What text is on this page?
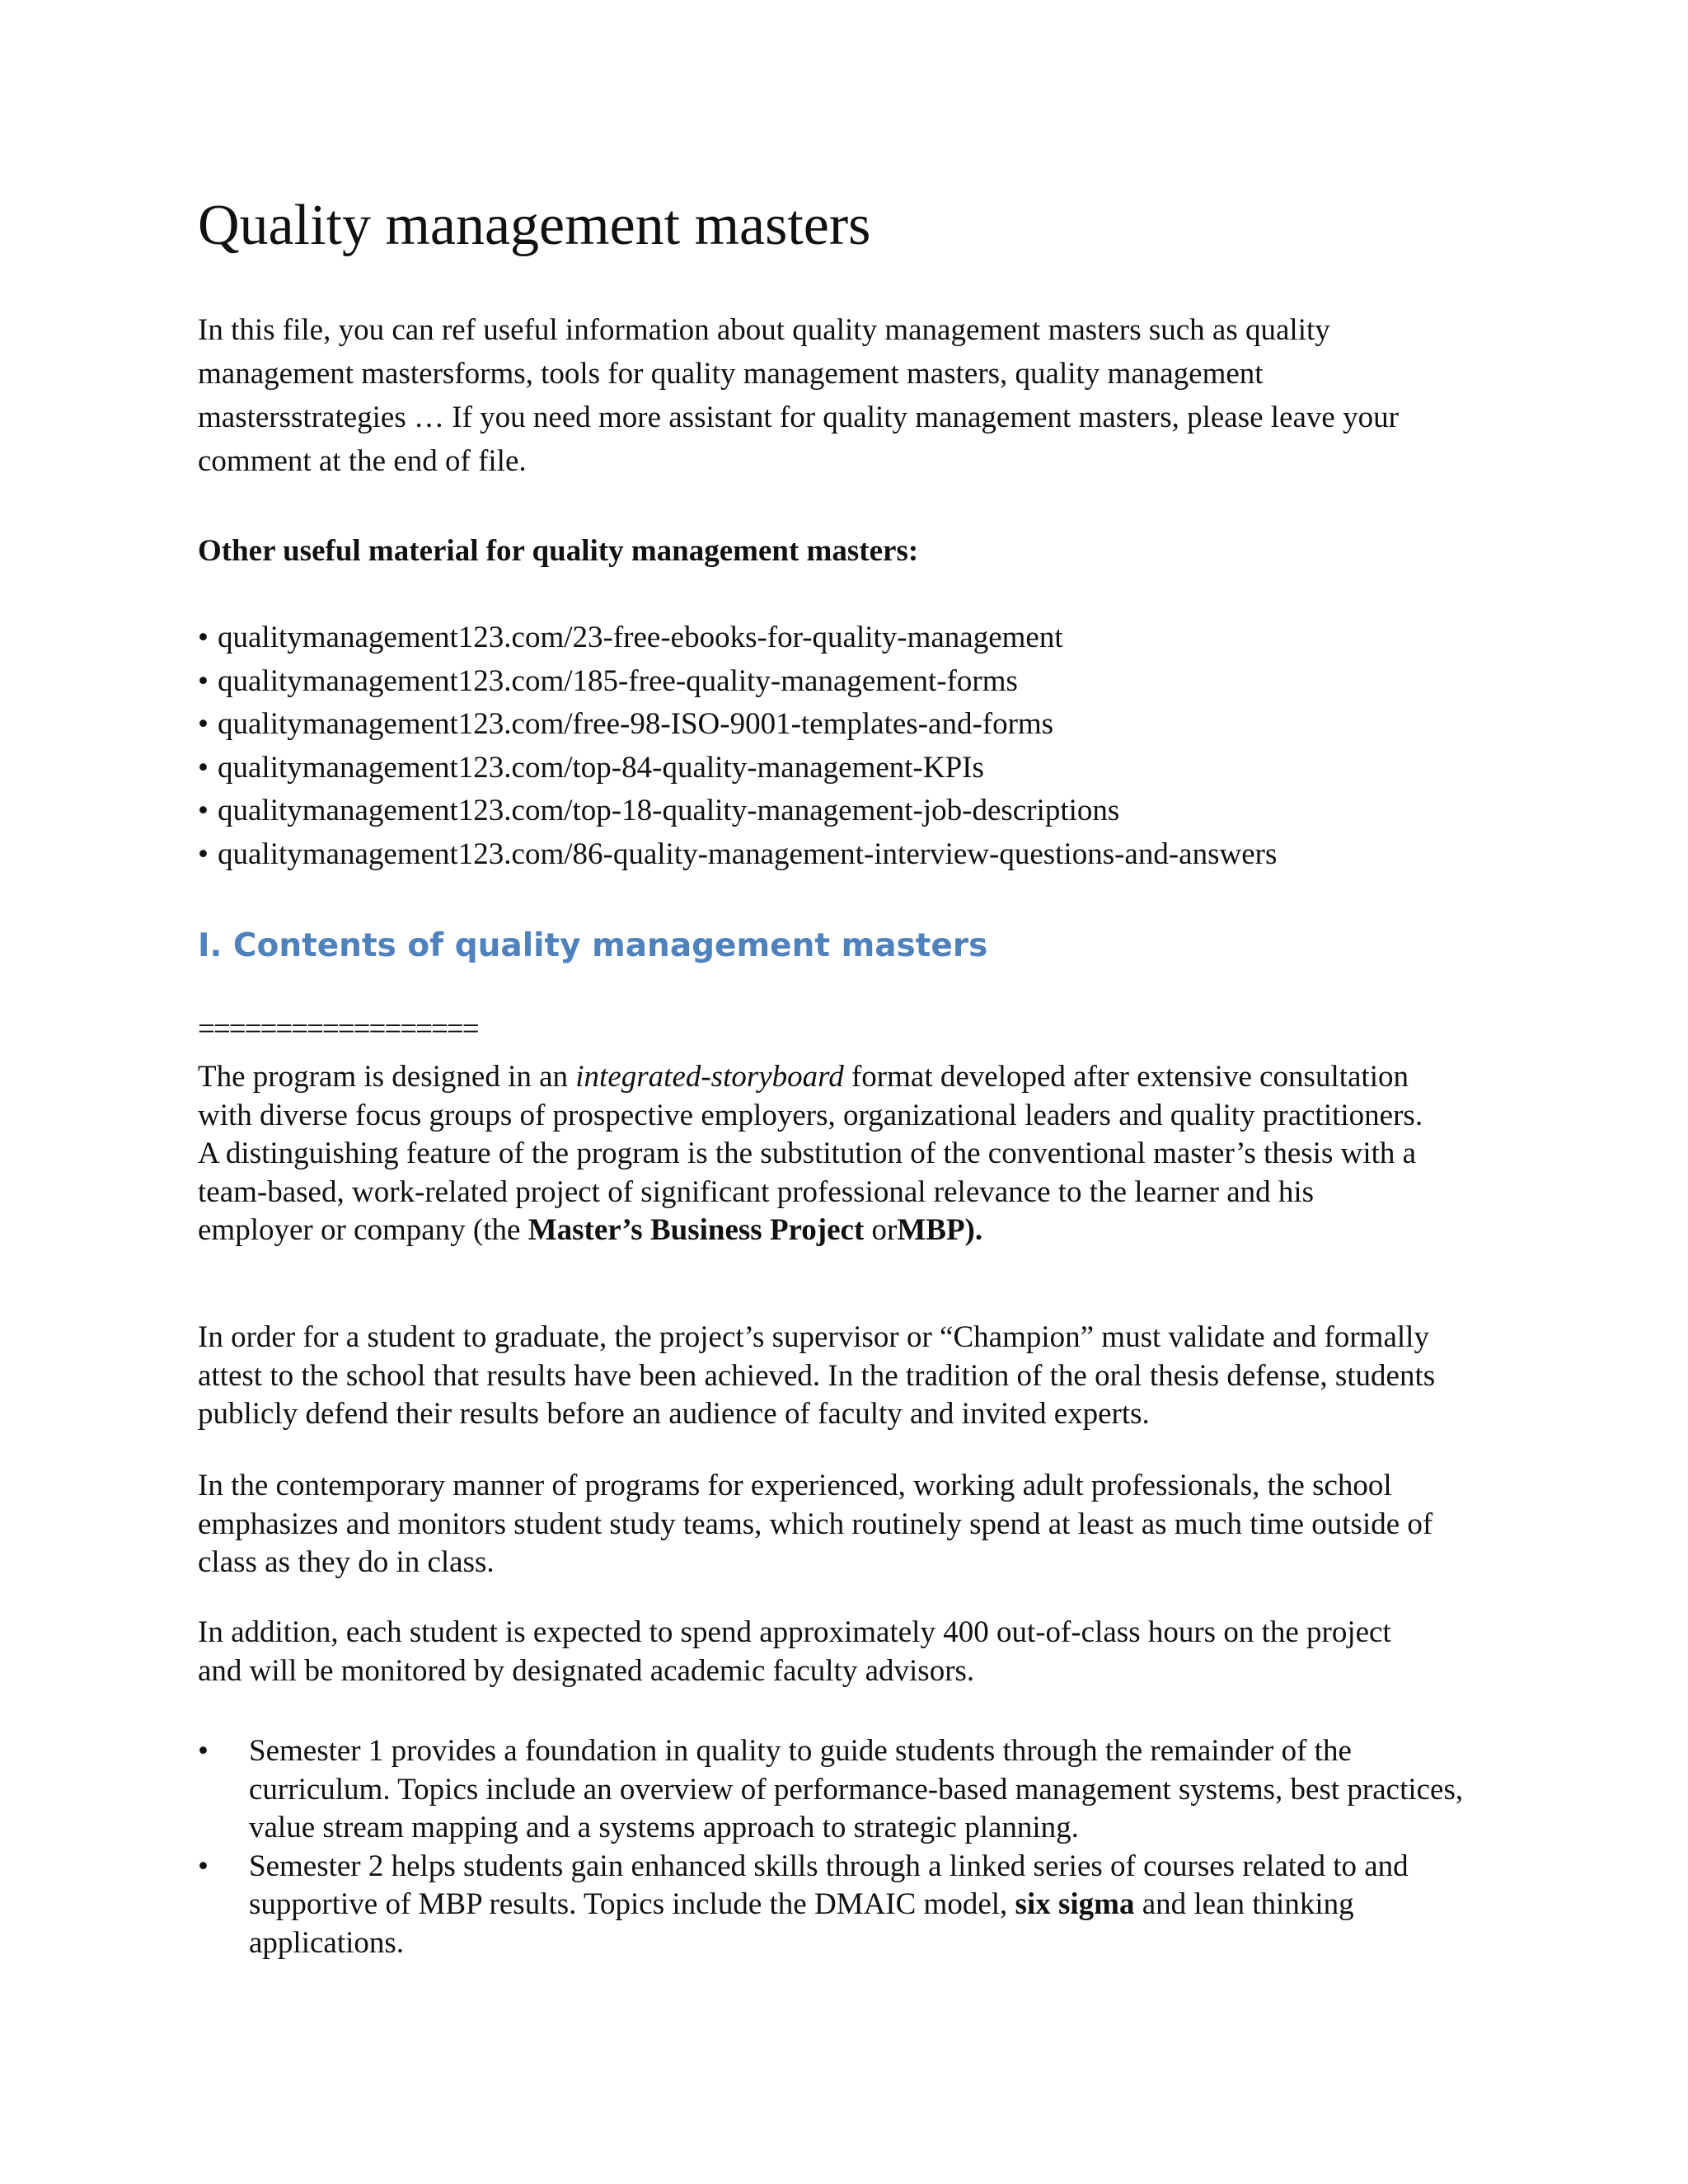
Quality management masters
In this file, you can ref useful information about quality management masters such as quality management mastersforms, tools for quality management masters, quality management mastersstrategies … If you need more assistant for quality management masters, please leave your comment at the end of file.
Other useful material for quality management masters:
• qualitymanagement123.com/23-free-ebooks-for-quality-management
• qualitymanagement123.com/185-free-quality-management-forms
• qualitymanagement123.com/free-98-ISO-9001-templates-and-forms
• qualitymanagement123.com/top-84-quality-management-KPIs
• qualitymanagement123.com/top-18-quality-management-job-descriptions
• qualitymanagement123.com/86-quality-management-interview-questions-and-answers
I. Contents of quality management masters
==================
The program is designed in an integrated-storyboard format developed after extensive consultation with diverse focus groups of prospective employers, organizational leaders and quality practitioners. A distinguishing feature of the program is the substitution of the conventional master’s thesis with a team-based, work-related project of significant professional relevance to the learner and his employer or company (the Master’s Business Project orMBP).
In order for a student to graduate, the project’s supervisor or “Champion” must validate and formally attest to the school that results have been achieved. In the tradition of the oral thesis defense, students publicly defend their results before an audience of faculty and invited experts.
In the contemporary manner of programs for experienced, working adult professionals, the school emphasizes and monitors student study teams, which routinely spend at least as much time outside of class as they do in class.
In addition, each student is expected to spend approximately 400 out-of-class hours on the project and will be monitored by designated academic faculty advisors.
• Semester 1 provides a foundation in quality to guide students through the remainder of the curriculum. Topics include an overview of performance-based management systems, best practices, value stream mapping and a systems approach to strategic planning.
• Semester 2 helps students gain enhanced skills through a linked series of courses related to and supportive of MBP results. Topics include the DMAIC model, six sigma and lean thinking applications.
